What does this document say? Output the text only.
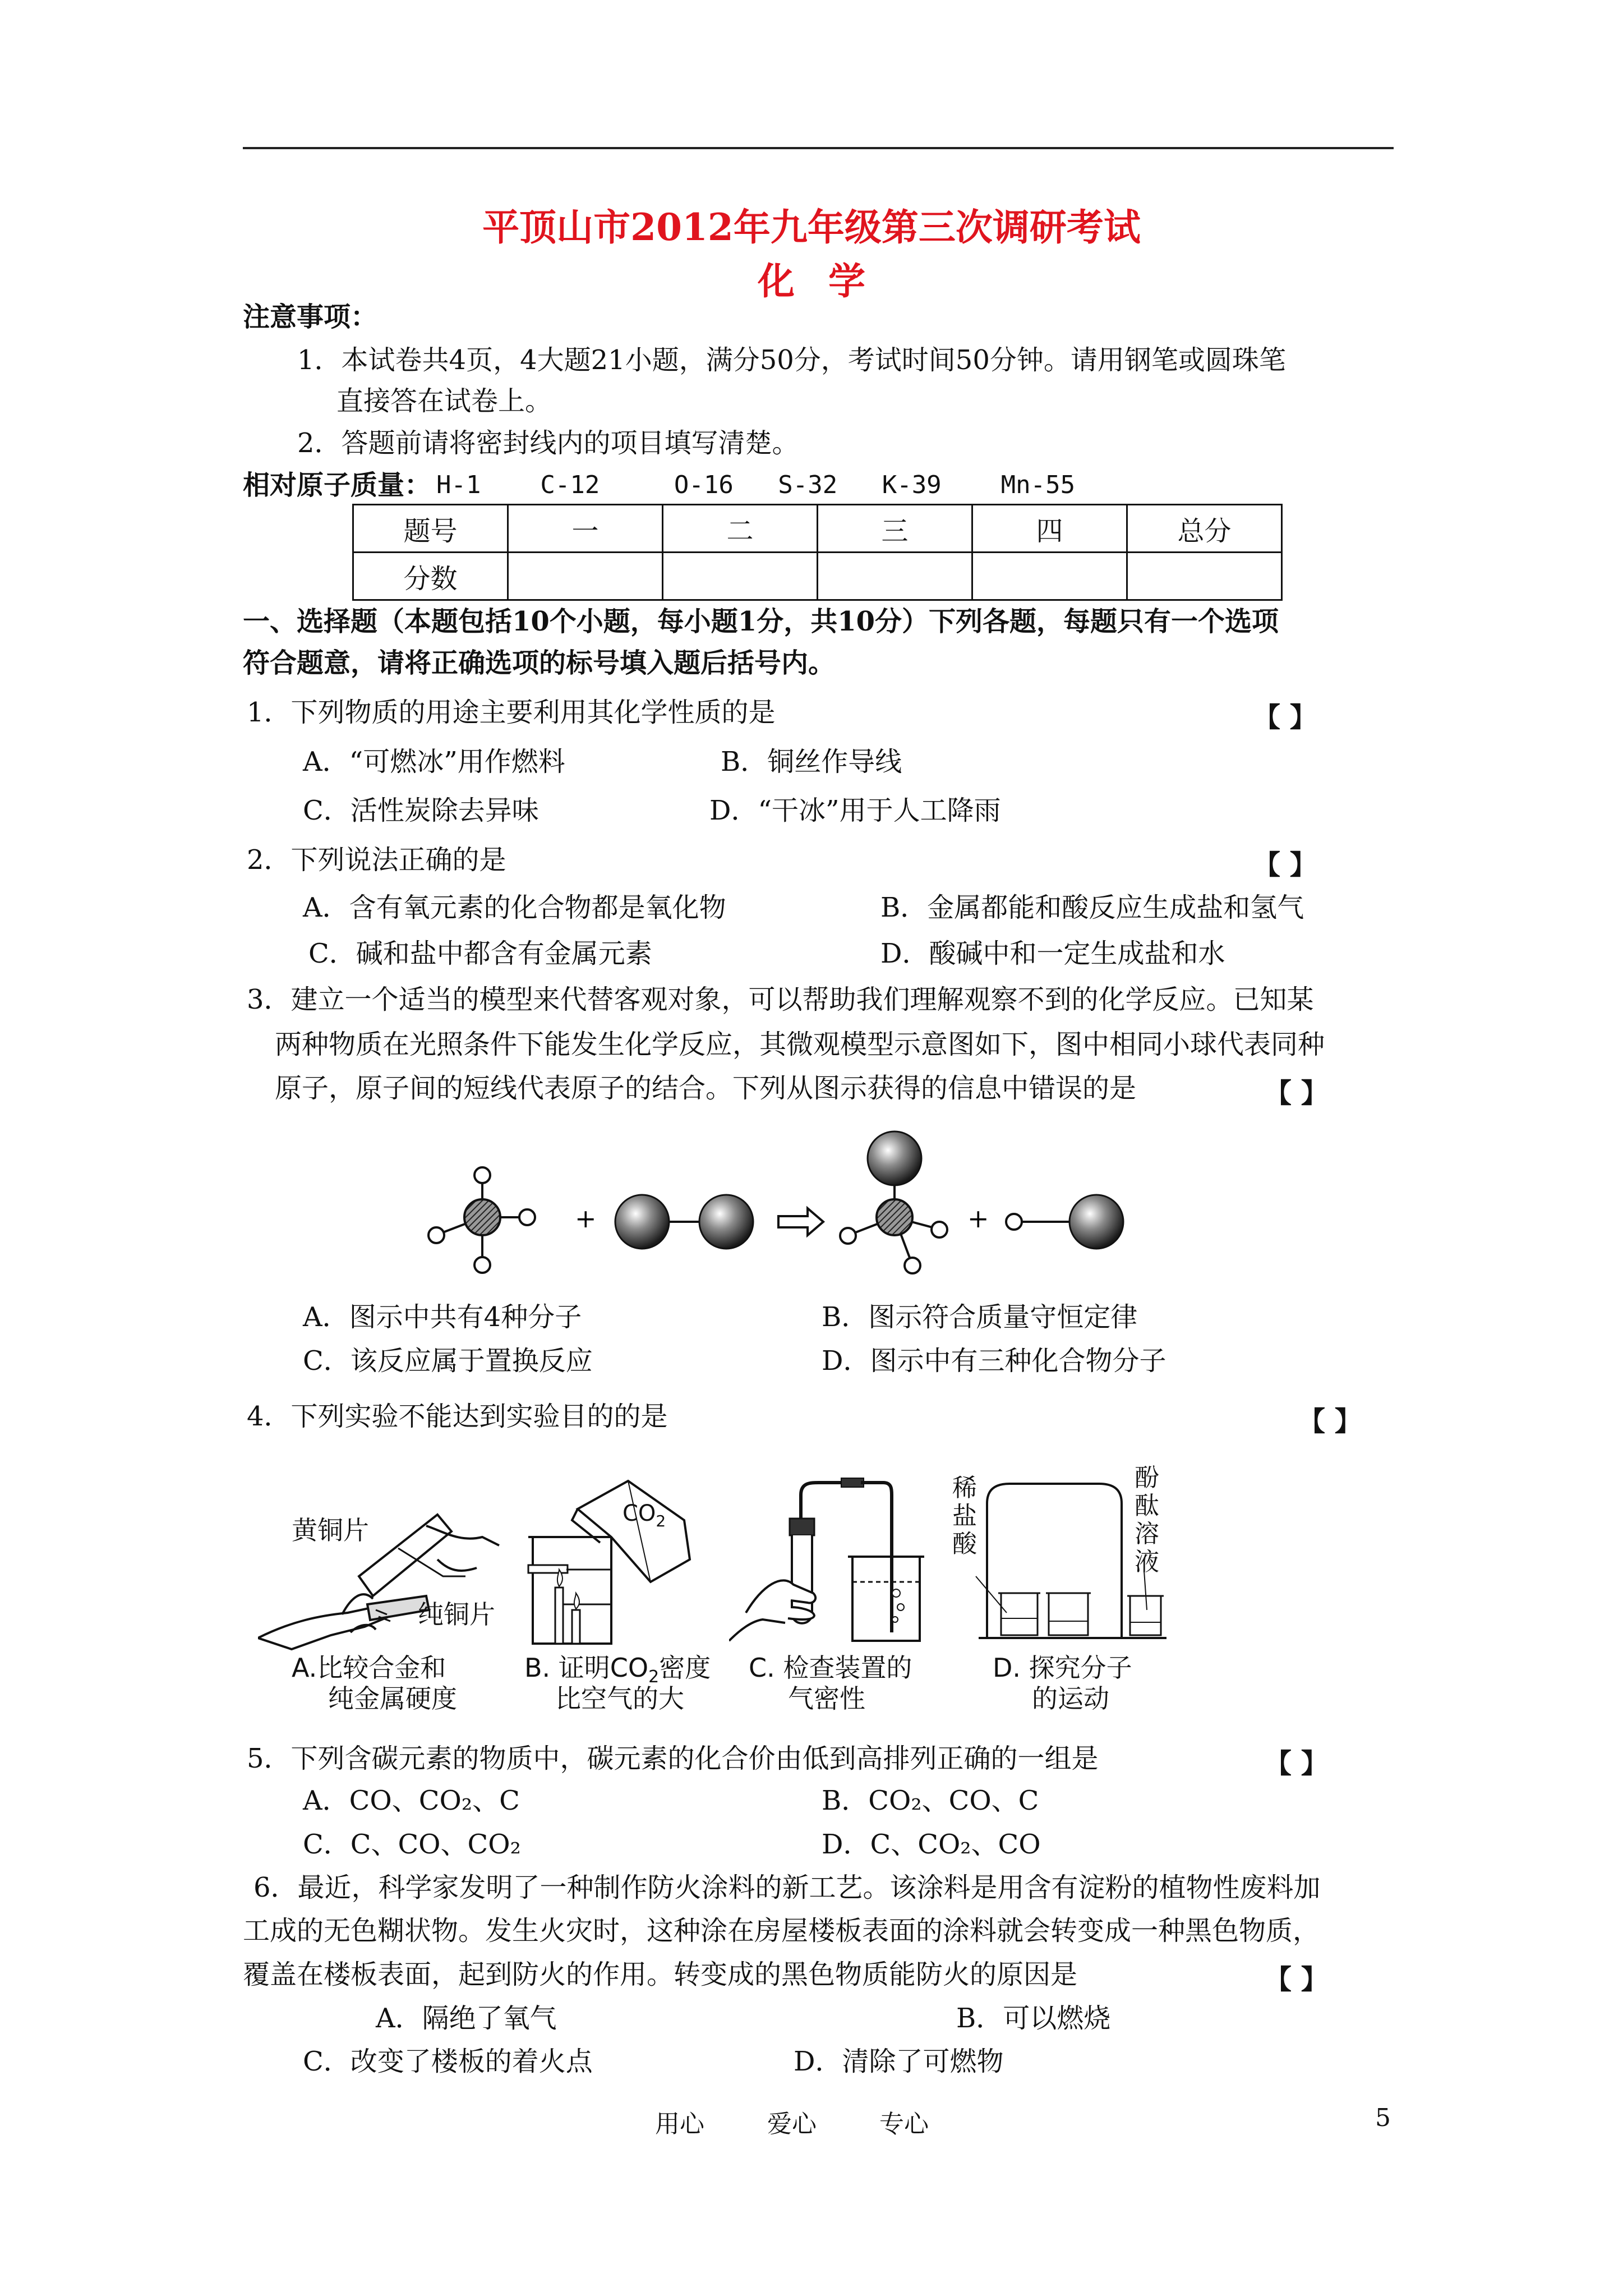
平顶山市2012年九年级第三次调研考试
化学
注意事项：
1．本试卷共4页，4大题21小题，满分50分，考试时间50分钟。请用钢笔或圆珠笔
直接答在试卷上。
2．答题前请将密封线内的项目填写清楚。
相对原子质量： H-1    C-12     O-16   S-32   K-39    Mn-55
题号	一	二	三	四	总分
分数					
一、选择题（本题包括10个小题，每小题1分，共10分）下列各题，每题只有一个选项
符合题意，请将正确选项的标号填入题后括号内。
1．下列物质的用途主要利用其化学性质的是	【 】
A．“可燃冰”用作燃料	B．铜丝作导线
C．活性炭除去异味	D．“干冰”用于人工降雨
2．下列说法正确的是	【 】
A．含有氧元素的化合物都是氧化物	B．金属都能和酸反应生成盐和氢气
C．碱和盐中都含有金属元素	D．酸碱中和一定生成盐和水
3．建立一个适当的模型来代替客观对象，可以帮助我们理解观察不到的化学反应。已知某
两种物质在光照条件下能发生化学反应，其微观模型示意图如下，图中相同小球代表同种
原子，原子间的短线代表原子的结合。下列从图示获得的信息中错误的是	【 】
+	+
A．图示中共有4种分子	B．图示符合质量守恒定律
C．该反应属于置换反应	D．图示中有三种化合物分子
4．下列实验不能达到实验目的的是	【 】
黄铜片
纯铜片
A.比较合金和
纯金属硬度
$CO_2$
B. 证明$CO_2$密度
比空气的大
C. 检查装置的
气密性
稀盐酸
酚酞溶液
D. 探究分子
的运动
5．下列含碳元素的物质中，碳元素的化合价由低到高排列正确的一组是	【 】
A．CO、CO₂、C	B．CO₂、CO、C
C．C、CO、CO₂	D．C、CO₂、CO
6．最近，科学家发明了一种制作防火涂料的新工艺。该涂料是用含有淀粉的植物性废料加
工成的无色糊状物。发生火灾时，这种涂在房屋楼板表面的涂料就会转变成一种黑色物质，
覆盖在楼板表面，起到防火的作用。转变成的黑色物质能防火的原因是	【 】
A．隔绝了氧气	B．可以燃烧
C．改变了楼板的着火点	D．清除了可燃物
用心	爱心	专心	5
